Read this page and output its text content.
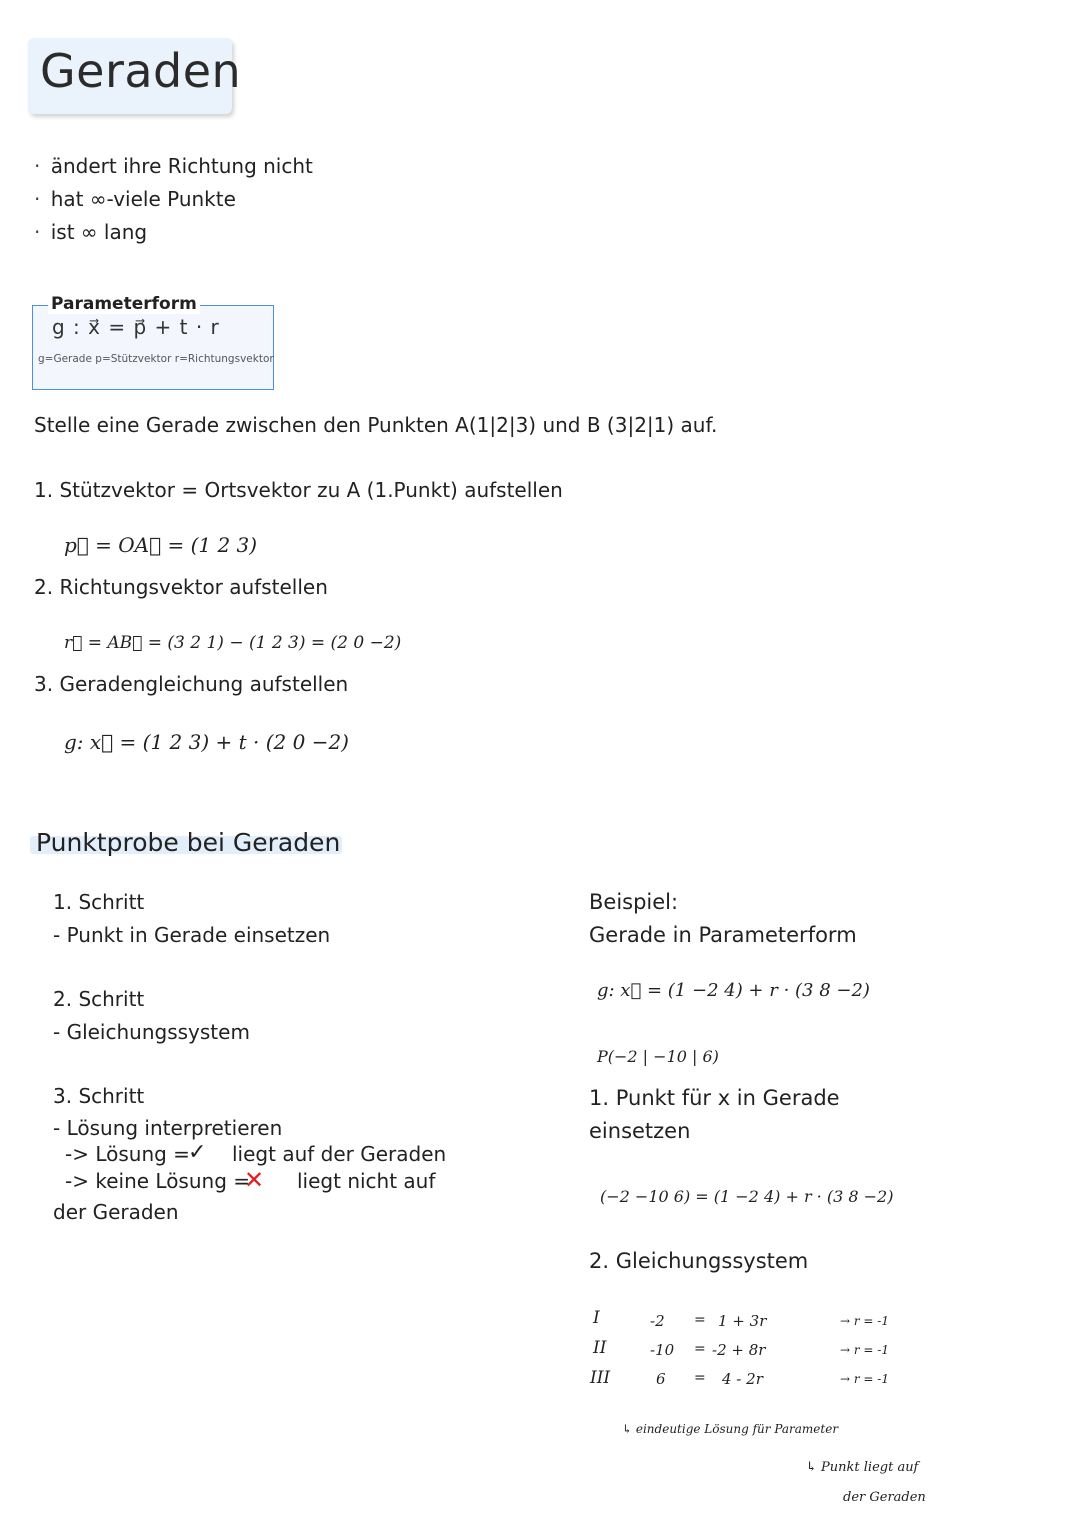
Geraden
· ändert ihre Richtung nicht
· hat ∞-viele Punkte
· ist ∞ lang
Parameterform
g : x⃗ = p⃗ + t · r
g=Gerade p=Stützvektor r=Richtungsvektor
Stelle eine Gerade zwischen den Punkten A(1|2|3) und B (3|2|1) auf.
1. Stützvektor = Ortsvektor zu A (1.Punkt) aufstellen
p⃗ = OA⃗ = (1 2 3)
2. Richtungsvektor aufstellen
r⃗ = AB⃗ = (3 2 1) − (1 2 3) = (2 0 −2)
3. Geradengleichung aufstellen
g: x⃗ = (1 2 3) + t · (2 0 −2)
Punktprobe bei Geraden
1. Schritt
- Punkt in Gerade einsetzen
2. Schritt
- Gleichungssystem
3. Schritt
- Lösung interpretieren
-> Lösung =
✓ liegt auf der Geraden
-> keine Lösung =
✕ liegt nicht auf
der Geraden
Beispiel:
Gerade in Parameterform
g: x⃗ = (1 −2 4) + r · (3 8 −2)
P(−2 | −10 | 6)
1. Punkt für x in Gerade
einsetzen
(−2 −10 6) = (1 −2 4) + r · (3 8 −2)
2. Gleichungssystem
I	-2 = 1 + 3r	→ r = -1
II	-10 = -2 + 8r	→ r = -1
III	6 = 4 - 2r	→ r = -1
↳ eindeutige Lösung für Parameter
↳ Punkt liegt auf
der Geraden
